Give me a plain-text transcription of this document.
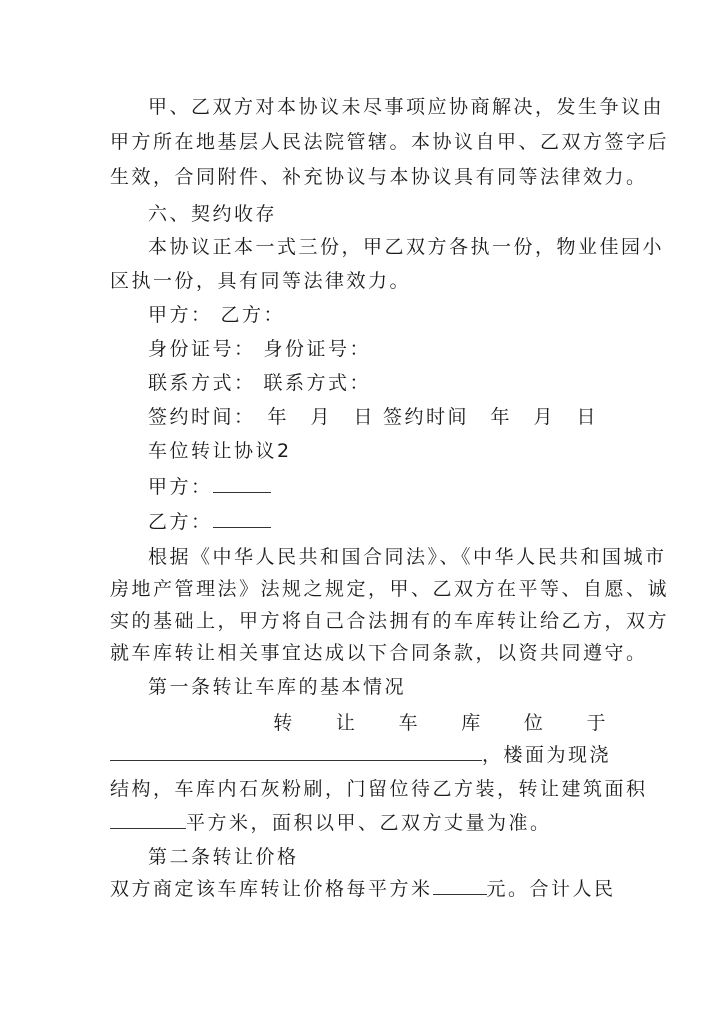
甲、乙双方对本协议未尽事项应协商解决，发生争议由
甲方所在地基层人民法院管辖。本协议自甲、乙双方签字后
生效，合同附件、补充协议与本协议具有同等法律效力。
六、契约收存
本协议正本一式三份，甲乙双方各执一份，物业佳园小
区执一份，具有同等法律效力。
甲方： 乙方：
身份证号： 身份证号：
联系方式： 联系方式：
签约时间：　年　月　日 签约时间　年　月　日
车位转让协议2
甲方：
乙方：
根据《中华人民共和国合同法》、《中华人民共和国城市
房地产管理法》法规之规定，甲、乙双方在平等、自愿、诚
实的基础上，甲方将自己合法拥有的车库转让给乙方，双方
就车库转让相关事宜达成以下合同条款，以资共同遵守。
第一条转让车库的基本情况
转 让 车 库 位 于
，楼面为现浇
结构，车库内石灰粉刷，门留位待乙方装，转让建筑面积
平方米，面积以甲、乙双方丈量为准。
第二条转让价格
双方商定该车库转让价格每平方米	元。合计人民
